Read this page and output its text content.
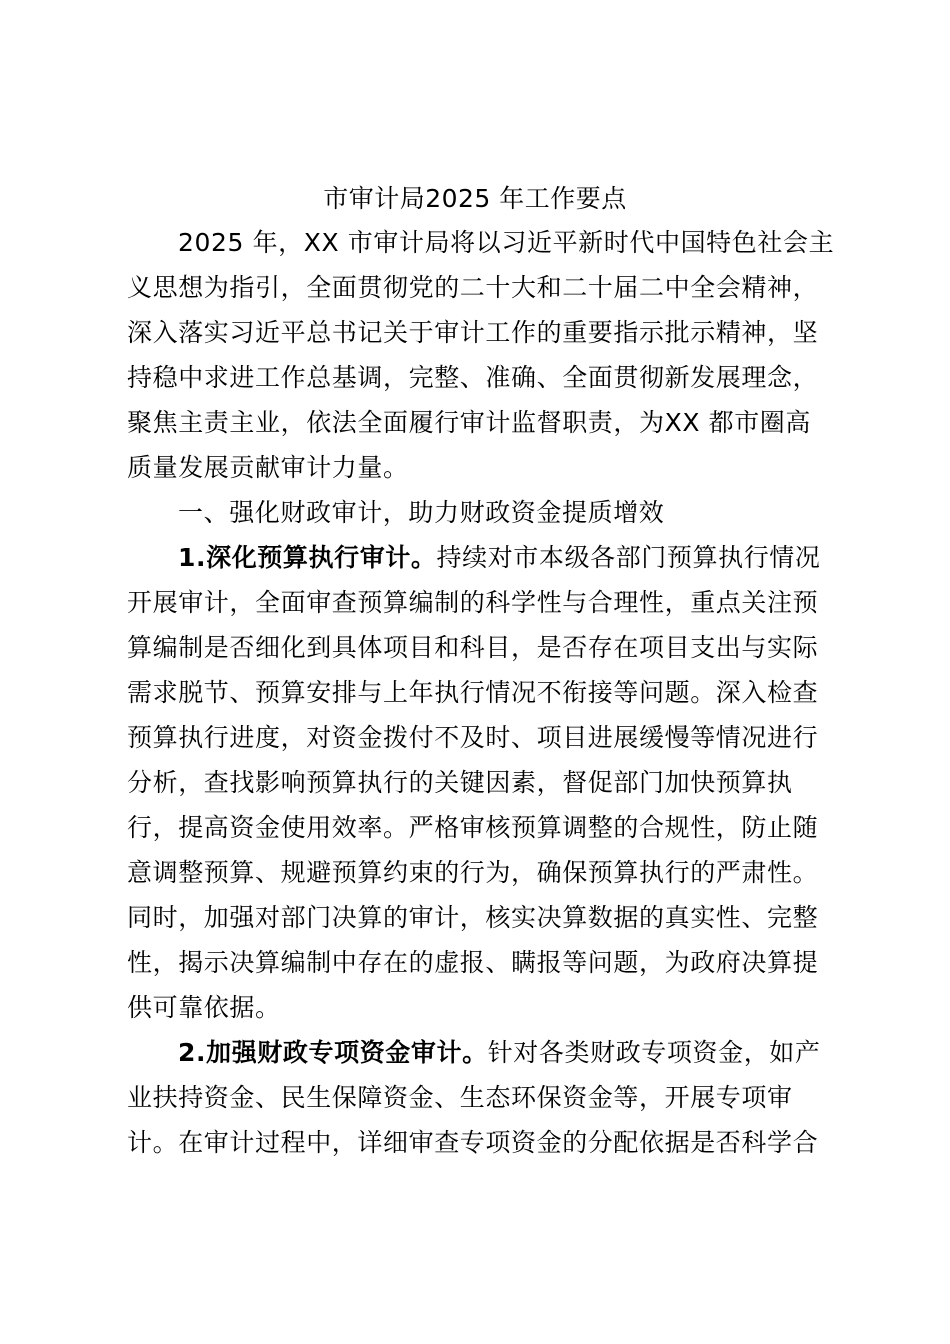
市审计局2025 年工作要点
2025 年，XX 市审计局将以习近平新时代中国特色社会主
义思想为指引，全面贯彻党的二十大和二十届二中全会精神，
深入落实习近平总书记关于审计工作的重要指示批示精神，坚
持稳中求进工作总基调，完整、准确、全面贯彻新发展理念，
聚焦主责主业，依法全面履行审计监督职责，为XX 都市圈高
质量发展贡献审计力量。
一、强化财政审计，助力财政资金提质增效
1.深化预算执行审计。持续对市本级各部门预算执行情况
开展审计，全面审查预算编制的科学性与合理性，重点关注预
算编制是否细化到具体项目和科目，是否存在项目支出与实际
需求脱节、预算安排与上年执行情况不衔接等问题。深入检查
预算执行进度，对资金拨付不及时、项目进展缓慢等情况进行
分析，查找影响预算执行的关键因素，督促部门加快预算执
行，提高资金使用效率。严格审核预算调整的合规性，防止随
意调整预算、规避预算约束的行为，确保预算执行的严肃性。
同时，加强对部门决算的审计，核实决算数据的真实性、完整
性，揭示决算编制中存在的虚报、瞒报等问题，为政府决算提
供可靠依据。
2.加强财政专项资金审计。针对各类财政专项资金，如产
业扶持资金、民生保障资金、生态环保资金等，开展专项审
计。在审计过程中，详细审查专项资金的分配依据是否科学合
